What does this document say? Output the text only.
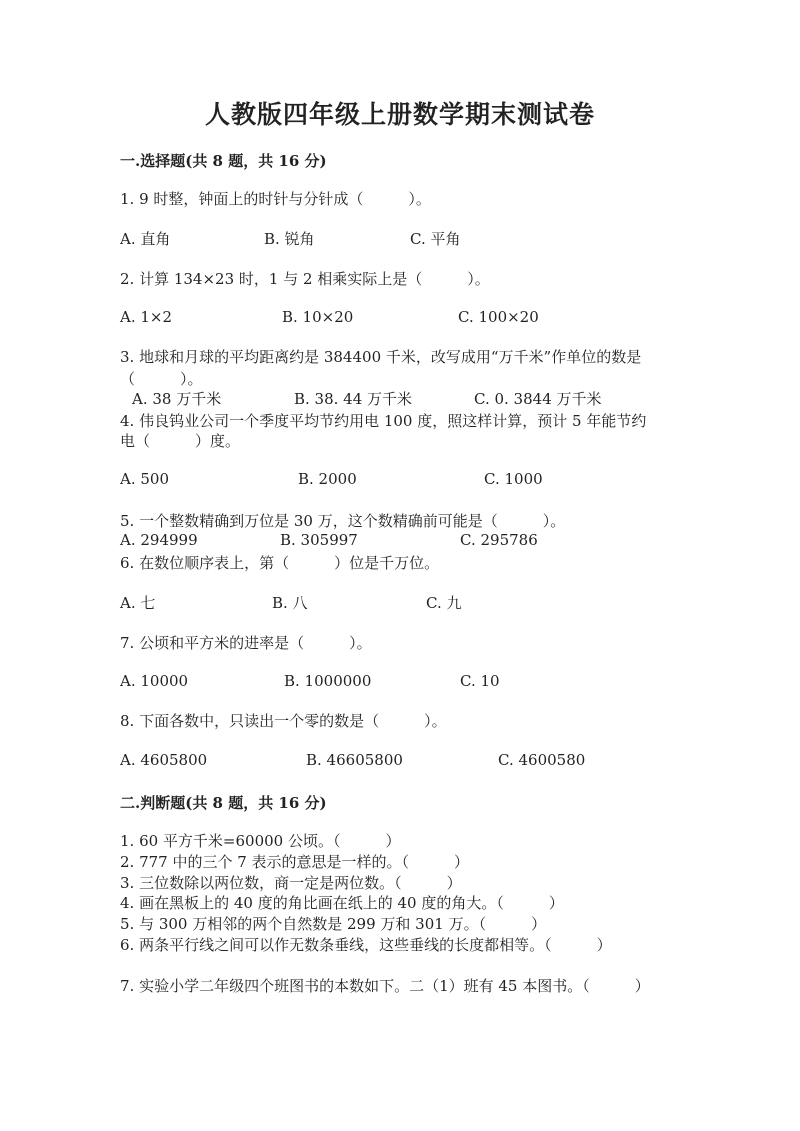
人教版四年级上册数学期末测试卷
一.选择题(共 8 题，共 16 分)
1. 9 时整，钟面上的时针与分针成（　　　）。
A. 直角	B. 锐角	C. 平角
2. 计算 134×23 时，1 与 2 相乘实际上是（　　　）。
A. 1×2	B. 10×20	C. 100×20
3. 地球和月球的平均距离约是 384400 千米，改写成用“万千米”作单位的数是
（　　　）。
A. 38 万千米	B. 38. 44 万千米	C. 0. 3844 万千米
4. 伟良钨业公司一个季度平均节约用电 100 度，照这样计算，预计 5 年能节约
电（　　　）度。
A. 500	B. 2000	C. 1000
5. 一个整数精确到万位是 30 万，这个数精确前可能是（　　　）。
A. 294999	B. 305997	C. 295786
6. 在数位顺序表上，第（　　　）位是千万位。
A. 七	B. 八	C. 九
7. 公顷和平方米的进率是（　　　）。
A. 10000	B. 1000000	C. 10
8. 下面各数中，只读出一个零的数是（　　　）。
A. 4605800	B. 46605800	C. 4600580
二.判断题(共 8 题，共 16 分)
1. 60 平方千米=60000 公顷。（　　　）
2. 777 中的三个 7 表示的意思是一样的。（　　　）
3. 三位数除以两位数，商一定是两位数。（　　　）
4. 画在黑板上的 40 度的角比画在纸上的 40 度的角大。（　　　）
5. 与 300 万相邻的两个自然数是 299 万和 301 万。（　　　）
6. 两条平行线之间可以作无数条垂线，这些垂线的长度都相等。（　　　）
7. 实验小学二年级四个班图书的本数如下。二（1）班有 45 本图书。（　　　）
